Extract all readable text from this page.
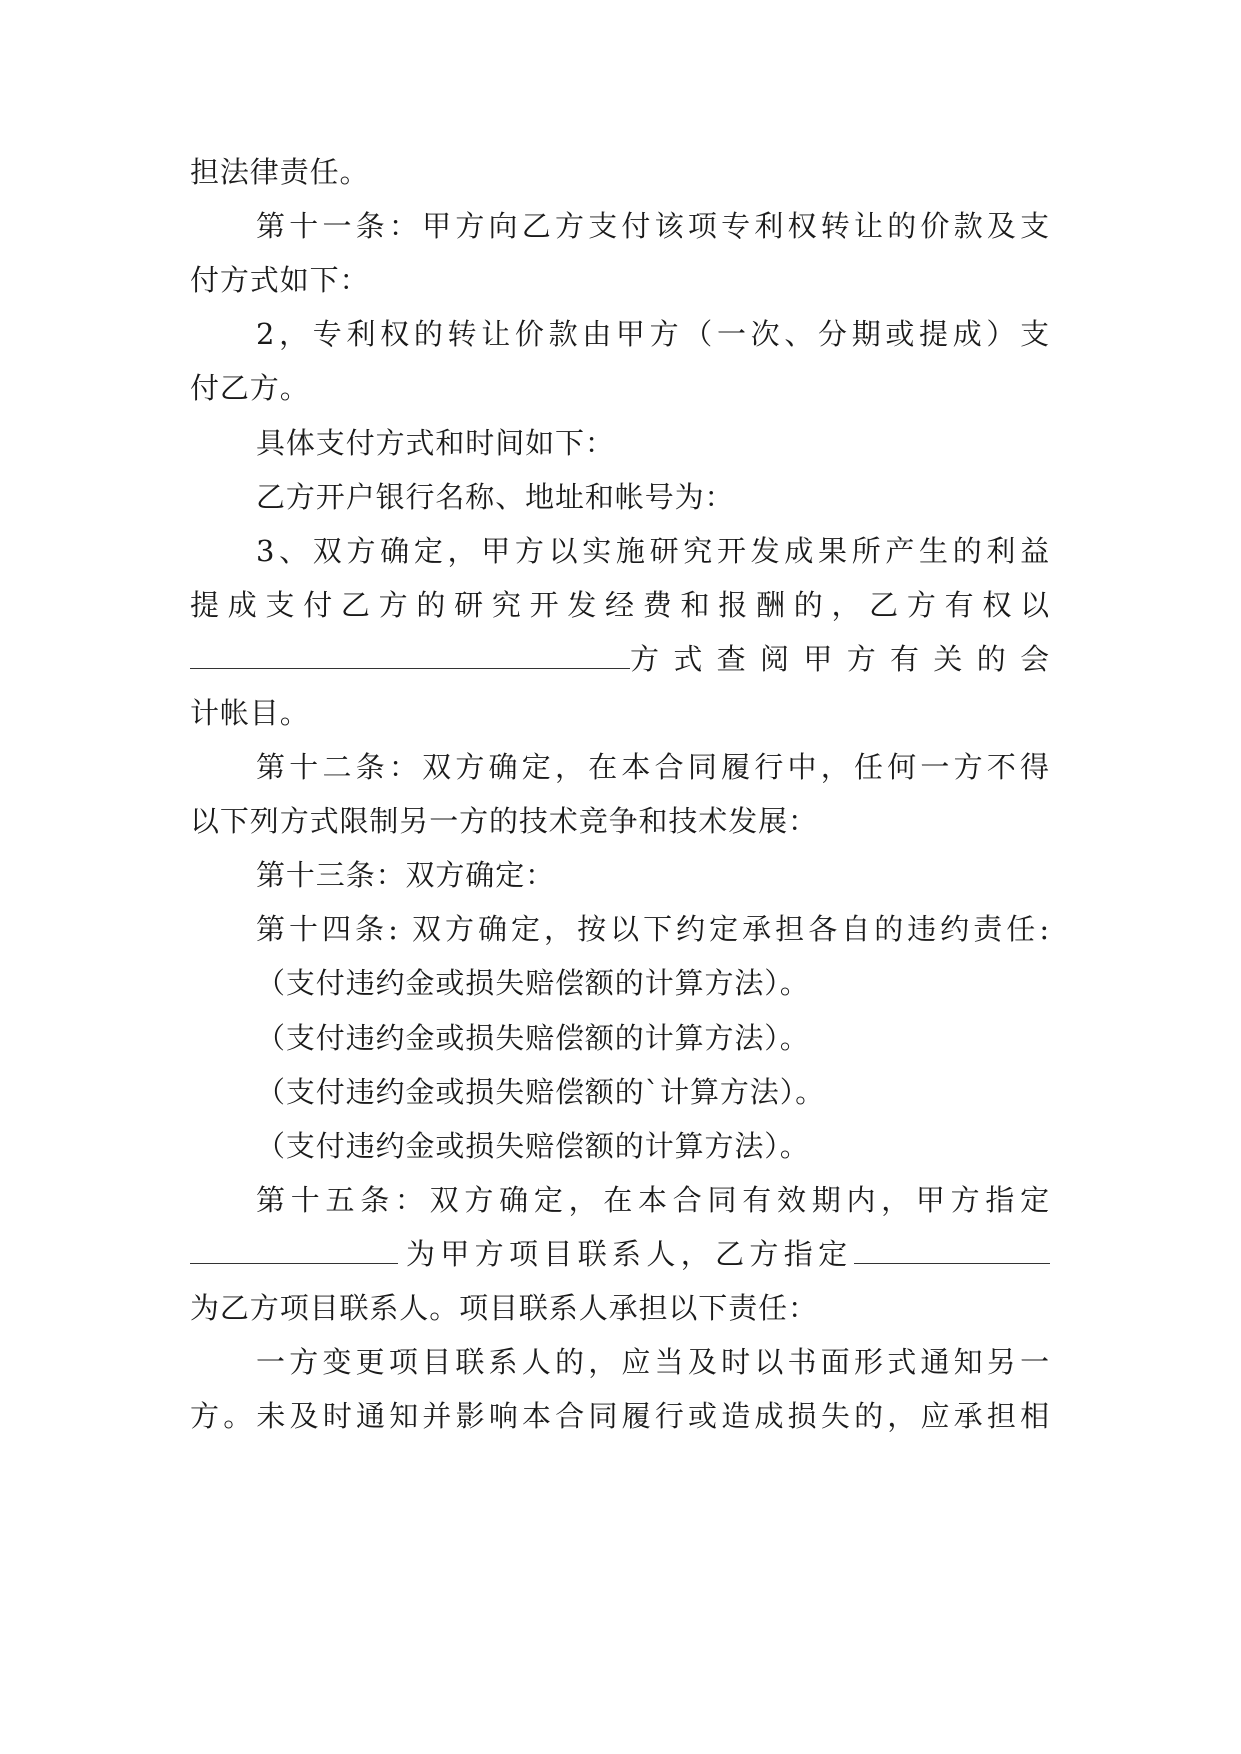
担法律责任。
第十一条：甲方向乙方支付该项专利权转让的价款及支
付方式如下：
2，专利权的转让价款由甲方（一次、分期或提成）支
付乙方。
具体支付方式和时间如下：
乙方开户银行名称、地址和帐号为：
3、双方确定，甲方以实施研究开发成果所产生的利益
提成支付乙方的研究开发经费和报酬的，乙方有权以
方式查阅甲方有关的会
计帐目。
第十二条：双方确定，在本合同履行中，任何一方不得
以下列方式限制另一方的技术竞争和技术发展：
第十三条：双方确定：
第十四条: 双方确定，按以下约定承担各自的违约责任:
（支付违约金或损失赔偿额的计算方法）。
（支付违约金或损失赔偿额的计算方法）。
（支付违约金或损失赔偿额的`计算方法）。
（支付违约金或损失赔偿额的计算方法）。
第十五条：双方确定，在本合同有效期内，甲方指定
为甲方项目联系人，乙方指定
为乙方项目联系人。项目联系人承担以下责任：
一方变更项目联系人的，应当及时以书面形式通知另一
方。未及时通知并影响本合同履行或造成损失的，应承担相
